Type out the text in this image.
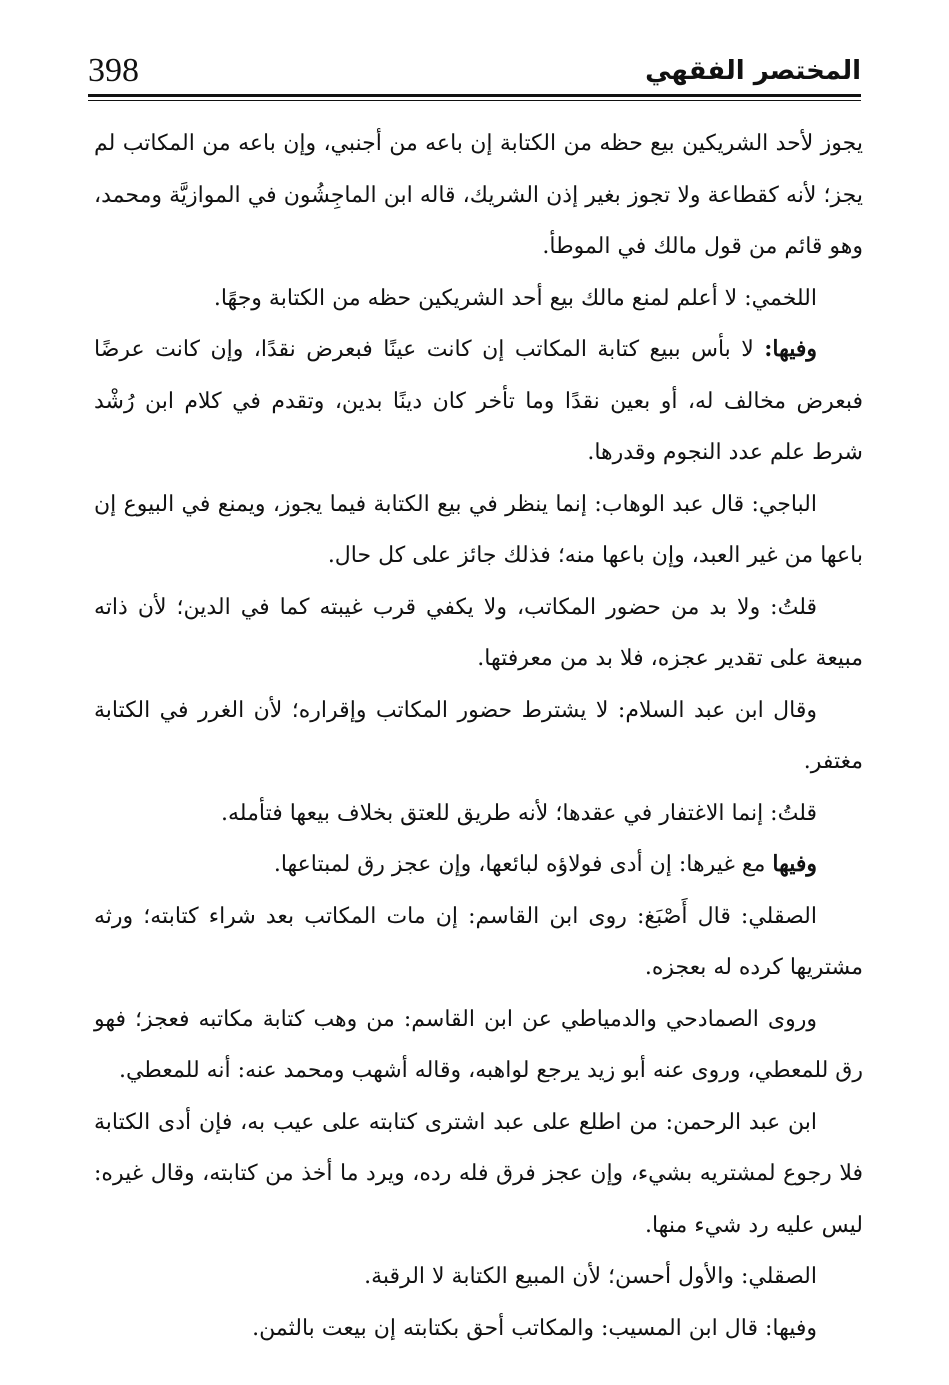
398	المختصر الفقهي

يجوز لأحد الشريكين بيع حظه من الكتابة إن باعه من أجنبي، وإن باعه من المكاتب لم يجز؛ لأنه كقطاعة ولا تجوز بغير إذن الشريك، قاله ابن الماجِشُون في الموازيَّة ومحمد، وهو قائم من قول مالك في الموطأ.

اللخمي: لا أعلم لمنع مالك بيع أحد الشريكين حظه من الكتابة وجهًا.

وفيها: لا بأس ببيع كتابة المكاتب إن كانت عينًا فبعرض نقدًا، وإن كانت عرضًا فبعرض مخالف له، أو بعين نقدًا وما تأخر كان دينًا بدين، وتقدم في كلام ابن رُشْد شرط علم عدد النجوم وقدرها.

الباجي: قال عبد الوهاب: إنما ينظر في بيع الكتابة فيما يجوز، ويمنع في البيوع إن باعها من غير العبد، وإن باعها منه؛ فذلك جائز على كل حال.

قلتُ: ولا بد من حضور المكاتب، ولا يكفي قرب غيبته كما في الدين؛ لأن ذاته مبيعة على تقدير عجزه، فلا بد من معرفتها.

وقال ابن عبد السلام: لا يشترط حضور المكاتب وإقراره؛ لأن الغرر في الكتابة مغتفر.

قلتُ: إنما الاغتفار في عقدها؛ لأنه طريق للعتق بخلاف بيعها فتأمله.

وفيها مع غيرها: إن أدى فولاؤه لبائعها، وإن عجز رق لمبتاعها.

الصقلي: قال أَصْبَغ: روى ابن القاسم: إن مات المكاتب بعد شراء كتابته؛ ورثه مشتريها كرده له بعجزه.

وروى الصمادحي والدمياطي عن ابن القاسم: من وهب كتابة مكاتبه فعجز؛ فهو رق للمعطي، وروى عنه أبو زيد يرجع لواهبه، وقاله أشهب ومحمد عنه: أنه للمعطي.

ابن عبد الرحمن: من اطلع على عبد اشترى كتابته على عيب به، فإن أدى الكتابة فلا رجوع لمشتريه بشيء، وإن عجز فرق فله رده، ويرد ما أخذ من كتابته، وقال غيره: ليس عليه رد شيء منها.

الصقلي: والأول أحسن؛ لأن المبيع الكتابة لا الرقبة.

وفيها: قال ابن المسيب: والمكاتب أحق بكتابته إن بيعت بالثمن.
